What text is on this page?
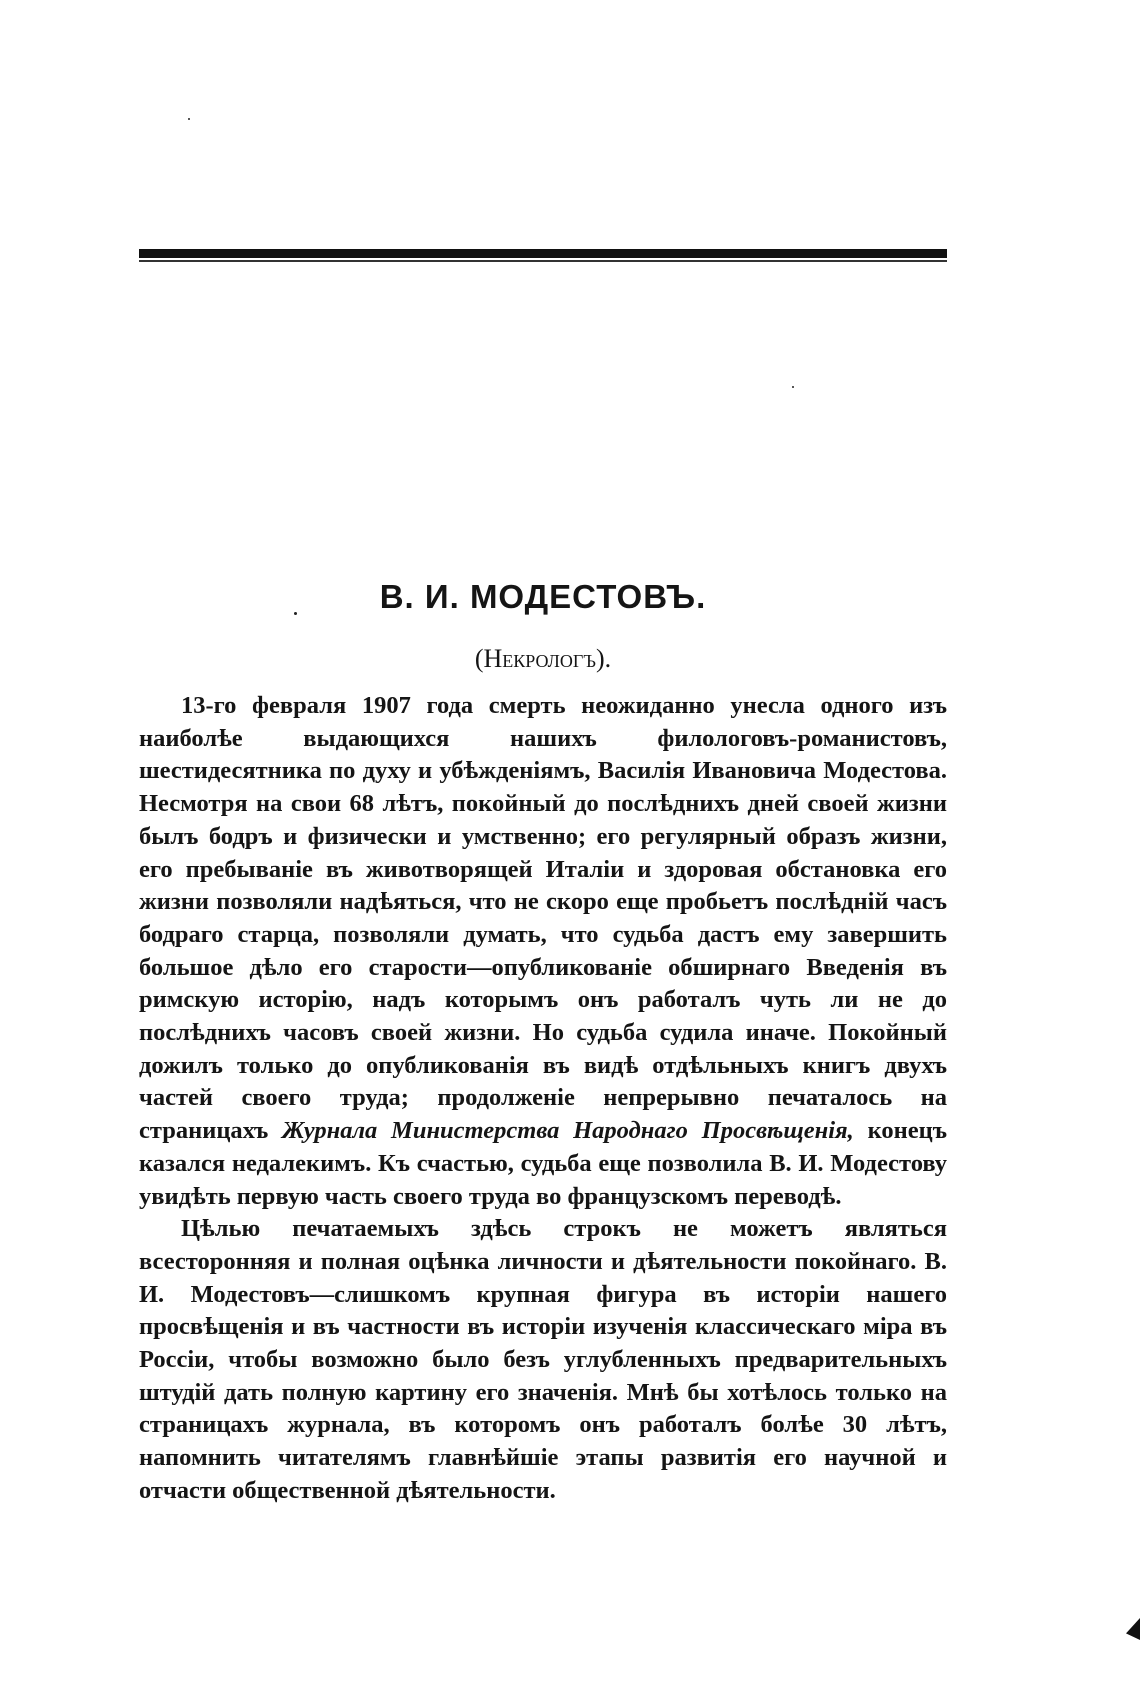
В. И. МОДЕСТОВЪ.
(Некрологъ).

13-го февраля 1907 года смерть неожиданно унесла одного изъ наиболѣе выдающихся нашихъ филологовъ-романистовъ, шестидесятника по духу и убѣжденіямъ, Василія Ивановича Модестова. Несмотря на свои 68 лѣтъ, покойный до послѣднихъ дней своей жизни былъ бодръ и физически и умственно; его регулярный образъ жизни, его пребываніе въ животворящей Италіи и здоровая обстановка его жизни позволяли надѣяться, что не скоро еще пробьетъ послѣдній часъ бодраго старца, позволяли думать, что судьба дастъ ему завершить большое дѣло его старости—опубликованіе обширнаго Введенія въ римскую исторію, надъ которымъ онъ работалъ чуть ли не до послѣднихъ часовъ своей жизни. Но судьба судила иначе. Покойный дожилъ только до опубликованія въ видѣ отдѣльныхъ книгъ двухъ частей своего труда; продолженіе непрерывно печаталось на страницахъ Журнала Министерства Народнаго Просвѣщенія, конецъ казался недалекимъ. Къ счастью, судьба еще позволила В. И. Модестову увидѣть первую часть своего труда во французскомъ переводѣ.

Цѣлью печатаемыхъ здѣсь строкъ не можетъ являться всесторонняя и полная оцѣнка личности и дѣятельности покойнаго. В. И. Модестовъ—слишкомъ крупная фигура въ исторіи нашего просвѣщенія и въ частности въ исторіи изученія классическаго міра въ Россіи, чтобы возможно было безъ углубленныхъ предварительныхъ штудій дать полную картину его значенія. Мнѣ бы хотѣлось только на страницахъ журнала, въ которомъ онъ работалъ болѣе 30 лѣтъ, напомнить читателямъ главнѣйшіе этапы развитія его научной и отчасти общественной дѣятельности.
